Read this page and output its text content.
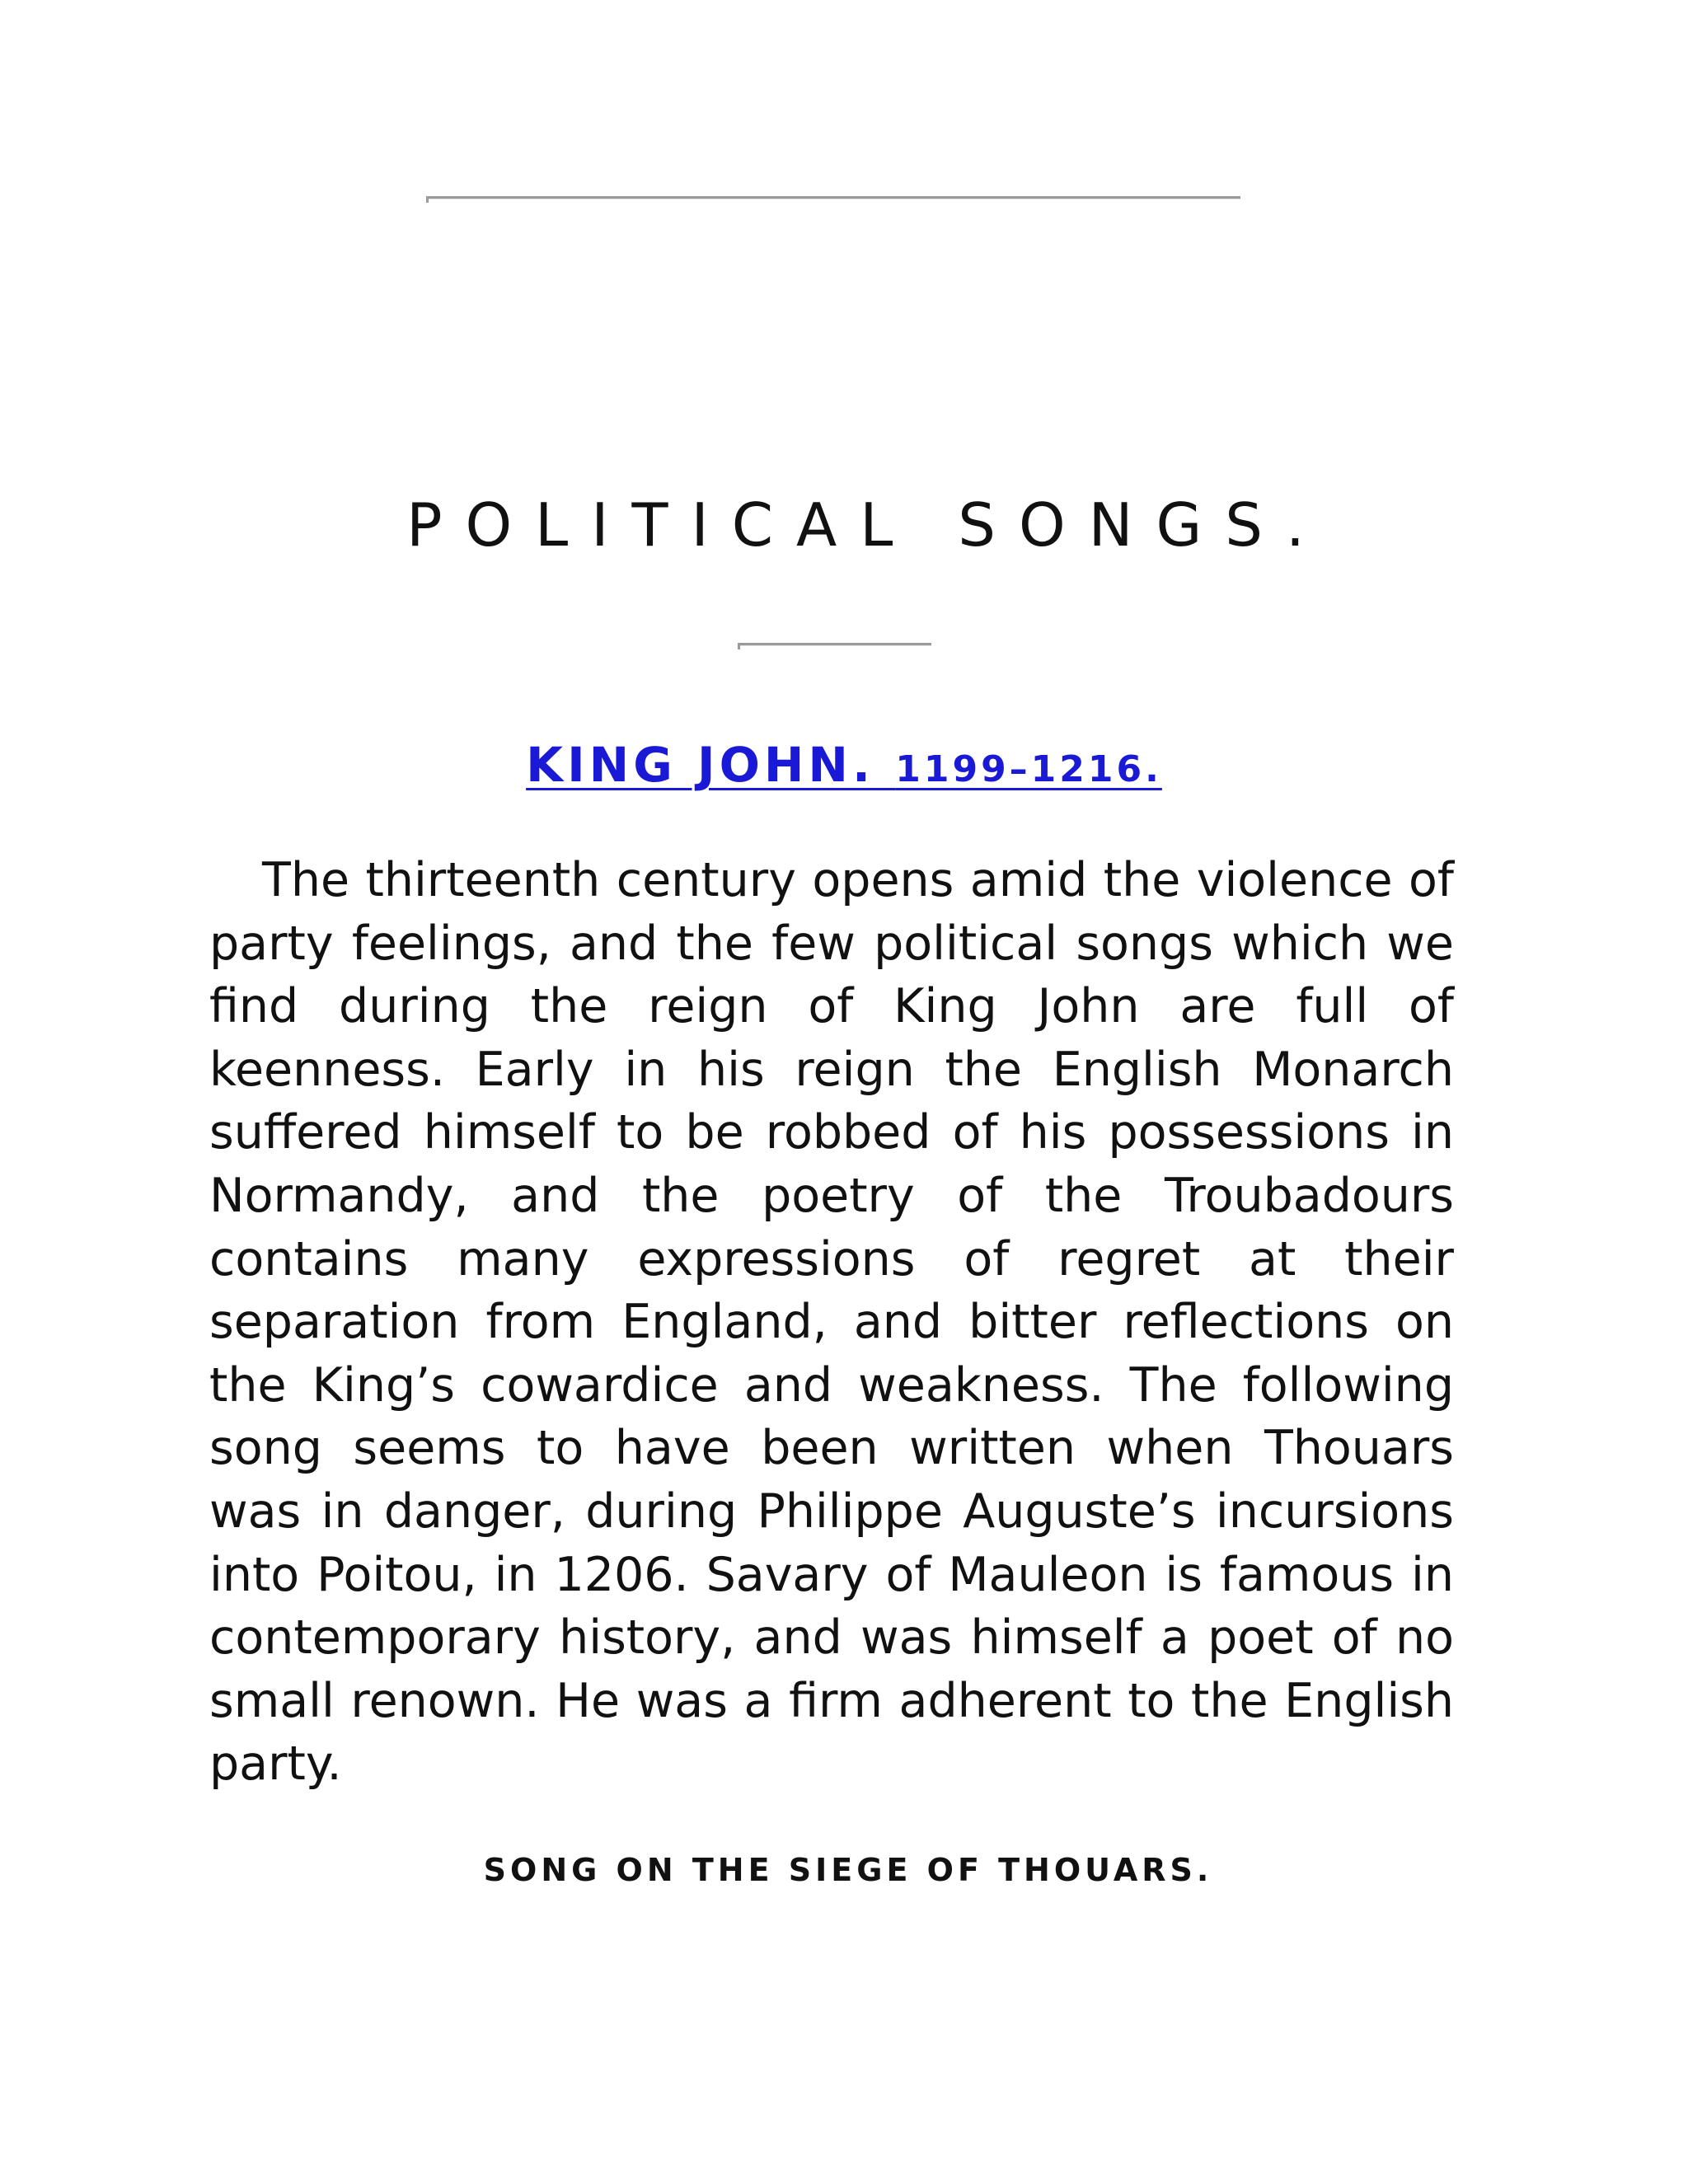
POLITICAL SONGS.
KING JOHN. 1199–1216.

The thirteenth century opens amid the violence of party feelings, and the few political songs which we find during the reign of King John are full of keenness. Early in his reign the English Monarch suffered himself to be robbed of his possessions in Normandy, and the poetry of the Troubadours contains many expressions of regret at their separation from England, and bitter reflections on the King’s cowardice and weakness. The following song seems to have been written when Thouars was in danger, during Philippe Auguste’s incursions into Poitou, in 1206. Savary of Mauleon is famous in contemporary history, and was himself a poet of no small renown. He was a firm adherent to the English party.

SONG ON THE SIEGE OF THOUARS.
